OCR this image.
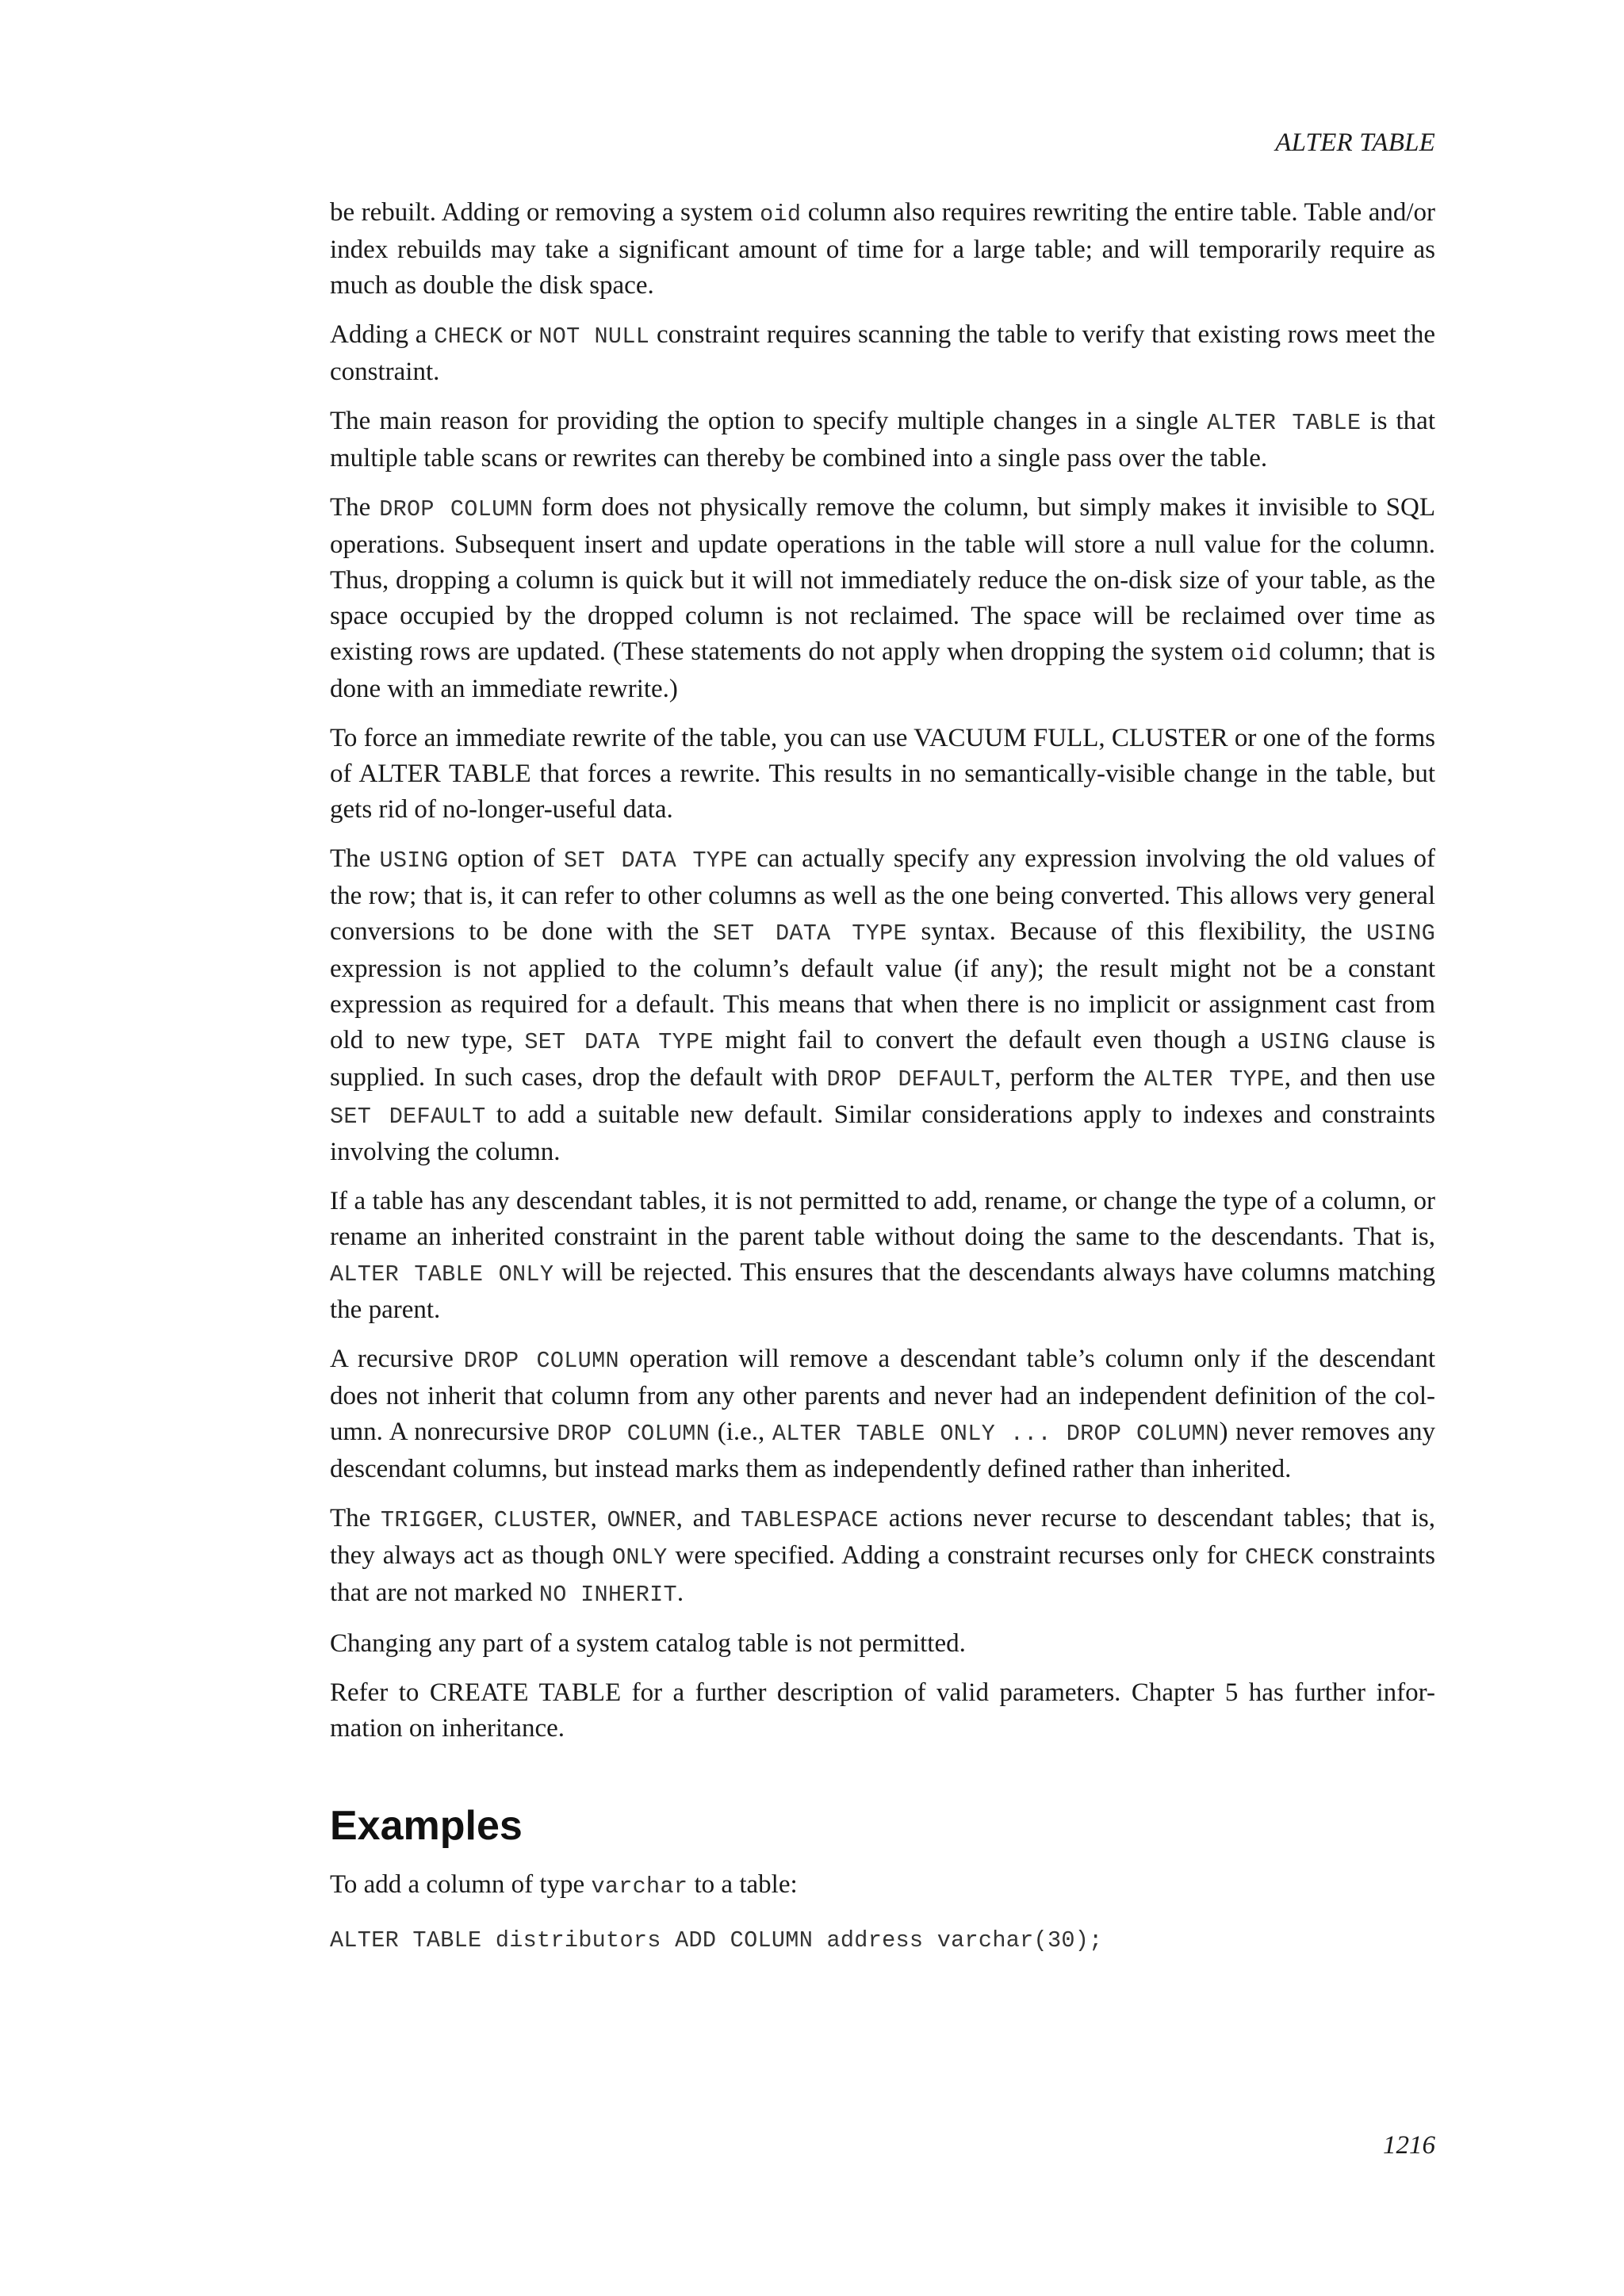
ALTER TABLE

be rebuilt. Adding or removing a system oid column also requires rewriting the entire table. Table and/or index rebuilds may take a significant amount of time for a large table; and will temporarily require as much as double the disk space.

Adding a CHECK or NOT NULL constraint requires scanning the table to verify that existing rows meet the constraint.

The main reason for providing the option to specify multiple changes in a single ALTER TABLE is that multiple table scans or rewrites can thereby be combined into a single pass over the table.

The DROP COLUMN form does not physically remove the column, but simply makes it invisible to SQL operations. Subsequent insert and update operations in the table will store a null value for the column. Thus, dropping a column is quick but it will not immediately reduce the on-disk size of your table, as the space occupied by the dropped column is not reclaimed. The space will be reclaimed over time as existing rows are updated. (These statements do not apply when dropping the system oid column; that is done with an immediate rewrite.)

To force an immediate rewrite of the table, you can use VACUUM FULL, CLUSTER or one of the forms of ALTER TABLE that forces a rewrite. This results in no semantically-visible change in the table, but gets rid of no-longer-useful data.

The USING option of SET DATA TYPE can actually specify any expression involving the old values of the row; that is, it can refer to other columns as well as the one being converted. This allows very general conversions to be done with the SET DATA TYPE syntax. Because of this flexibility, the USING expression is not applied to the column’s default value (if any); the result might not be a constant expression as required for a default. This means that when there is no implicit or assignment cast from old to new type, SET DATA TYPE might fail to convert the default even though a USING clause is supplied. In such cases, drop the default with DROP DEFAULT, perform the ALTER TYPE, and then use SET DEFAULT to add a suitable new default. Similar considerations apply to indexes and constraints involving the column.

If a table has any descendant tables, it is not permitted to add, rename, or change the type of a column, or rename an inherited constraint in the parent table without doing the same to the descendants. That is, ALTER TABLE ONLY will be rejected. This ensures that the descendants always have columns matching the parent.

A recursive DROP COLUMN operation will remove a descendant table’s column only if the descendant does not inherit that column from any other parents and never had an independent definition of the col-umn. A nonrecursive DROP COLUMN (i.e., ALTER TABLE ONLY ... DROP COLUMN) never removes any descendant columns, but instead marks them as independently defined rather than inherited.

The TRIGGER, CLUSTER, OWNER, and TABLESPACE actions never recurse to descendant tables; that is, they always act as though ONLY were specified. Adding a constraint recurses only for CHECK constraints that are not marked NO INHERIT.

Changing any part of a system catalog table is not permitted.

Refer to CREATE TABLE for a further description of valid parameters. Chapter 5 has further infor-mation on inheritance.

Examples

To add a column of type varchar to a table:

ALTER TABLE distributors ADD COLUMN address varchar(30);
1216
